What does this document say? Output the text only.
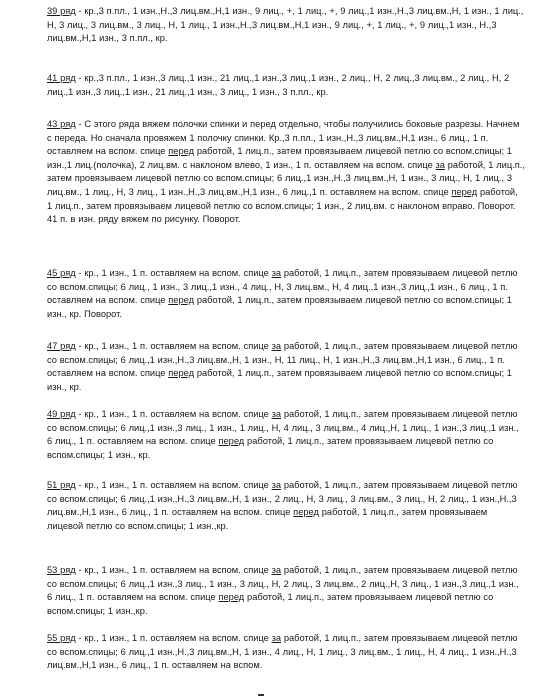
39 ряд - кр.,3 п.пл., 1 изн.,Н.,3 лиц.вм.,Н,1 изн., 9 лиц., +, 1 лиц., +, 9 лиц.,1 изн.,Н.,3 лиц.вм.,Н, 1 изн., 1 лиц., Н, 3 лиц., 3 лиц.вм., 3 лиц., Н, 1 лиц., 1 изн.,Н.,3 лиц.вм.,Н,1 изн., 9 лиц., +, 1 лиц., +, 9 лиц.,1 изн., Н.,3 лиц.вм.,Н,1 изн., 3 п.пл., кр.

41 ряд - кр.,3 п.пл., 1 изн.,3 лиц.,1 изн., 21 лиц.,1 изн.,3 лиц.,1 изн., 2 лиц., Н, 2 лиц.,3 лиц.вм., 2 лиц., Н, 2 лиц.,1 изн.,3 лиц.,1 изн., 21 лиц.,1 изн., 3 лиц., 1 изн., 3 п.пл., кр.

43 ряд - С этого ряда вяжем полочки спинки и перед отдельно, чтобы получились боковые разрезы. Начнем с переда. Но сначала провяжем 1 полочку спинки. Кр.,3 п.пл., 1 изн.,Н.,3 лиц.вм.,Н,1 изн., 6 лиц., 1 п. оставляем на вспом. спице перед работой, 1 лиц.п., затем провязываем лицевой петлю со вспом.спицы; 1 изн.,1 лиц.(полочка), 2 лиц.вм. с наклоном влево, 1 изн., 1 п. оставляем на вспом. спице за работой, 1 лиц.п., затем провязываем лицевой петлю со вспом.спицы; 6 лиц.,1 изн.,Н.,3 лиц.вм.,Н, 1 изн., 3 лиц., Н, 1 лиц., 3 лиц.вм., 1 лиц., Н, 3 лиц., 1 изн.,Н.,3 лиц.вм.,Н,1 изн., 6 лиц.,1 п. оставляем на вспом. спице перед работой, 1 лиц.п., затем провязываем лицевой петлю со вспом.спицы; 1 изн., 2 лиц.вм. с наклоном вправо. Поворот.
41 п. в изн. ряду вяжем по рисунку. Поворот.

45 ряд - кр., 1 изн., 1 п. оставляем на вспом. спице за работой, 1 лиц.п., затем провязываем лицевой петлю со вспом.спицы; 6 лиц., 1 изн., 3 лиц.,1 изн., 4 лиц., Н, 3 лиц.вм., Н, 4 лиц.,1 изн.,3 лиц.,1 изн., 6 лиц., 1 п. оставляем на вспом. спице перед работой, 1 лиц.п., затем провязываем лицевой петлю со вспом.спицы; 1 изн., кр. Поворот.

47 ряд - кр., 1 изн., 1 п. оставляем на вспом. спице за работой, 1 лиц.п., затем провязываем лицевой петлю со вспом.спицы; 6 лиц.,1 изн.,Н.,3 лиц.вм.,Н, 1 изн., Н, 11 лиц., Н, 1 изн.,Н.,3 лиц.вм.,Н,1 изн., 6 лиц., 1 п. оставляем на вспом. спице перед работой, 1 лиц.п., затем провязываем лицевой петлю со вспом.спицы; 1 изн., кр.

49 ряд - кр., 1 изн., 1 п. оставляем на вспом. спице за работой, 1 лиц.п., затем провязываем лицевой петлю со вспом.спицы; 6 лиц.,1 изн.,3 лиц., 1 изн., 1 лиц., Н, 4 лиц., 3 лиц.вм., 4 лиц.,Н, 1 лиц., 1 изн.,3 лиц.,1 изн., 6 лиц., 1 п. оставляем на вспом. спице перед работой, 1 лиц.п., затем провязываем лицевой петлю со вспом.спицы; 1 изн., кр.

51 ряд - кр., 1 изн., 1 п. оставляем на вспом. спице за работой, 1 лиц.п., затем провязываем лицевой петлю со вспом.спицы; 6 лиц.,1 изн.,Н.,3 лиц.вм.,Н, 1 изн., 2 лиц., Н, 3 лиц., 3 лиц.вм., 3 лиц., Н, 2 лиц., 1 изн.,Н.,3 лиц.вм.,Н,1 изн., 6 лиц., 1 п. оставляем на вспом. спице перед работой, 1 лиц.п., затем провязываем лицевой петлю со вспом.спицы; 1 изн.,кр.

53 ряд - кр., 1 изн., 1 п. оставляем на вспом. спице за работой, 1 лиц.п., затем провязываем лицевой петлю со вспом.спицы; 6 лиц.,1 изн.,3 лиц., 1 изн., 3 лиц., Н, 2 лиц., 3 лиц.вм., 2 лиц.,Н, 3 лиц., 1 изн.,3 лиц.,1 изн., 6 лиц., 1 п. оставляем на вспом. спице перед работой, 1 лиц.п., затем провязываем лицевой петлю со вспом.спицы; 1 изн.,кр.

55 ряд - кр., 1 изн., 1 п. оставляем на вспом. спице за работой, 1 лиц.п., затем провязываем лицевой петлю со вспом.спицы; 6 лиц.,1 изн.,Н.,3 лиц.вм.,Н, 1 изн., 4 лиц., Н, 1 лиц., 3 лиц.вм., 1 лиц., Н, 4 лиц., 1 изн.,Н.,3 лиц.вм.,Н,1 изн., 6 лиц., 1 п. оставляем на вспом.
